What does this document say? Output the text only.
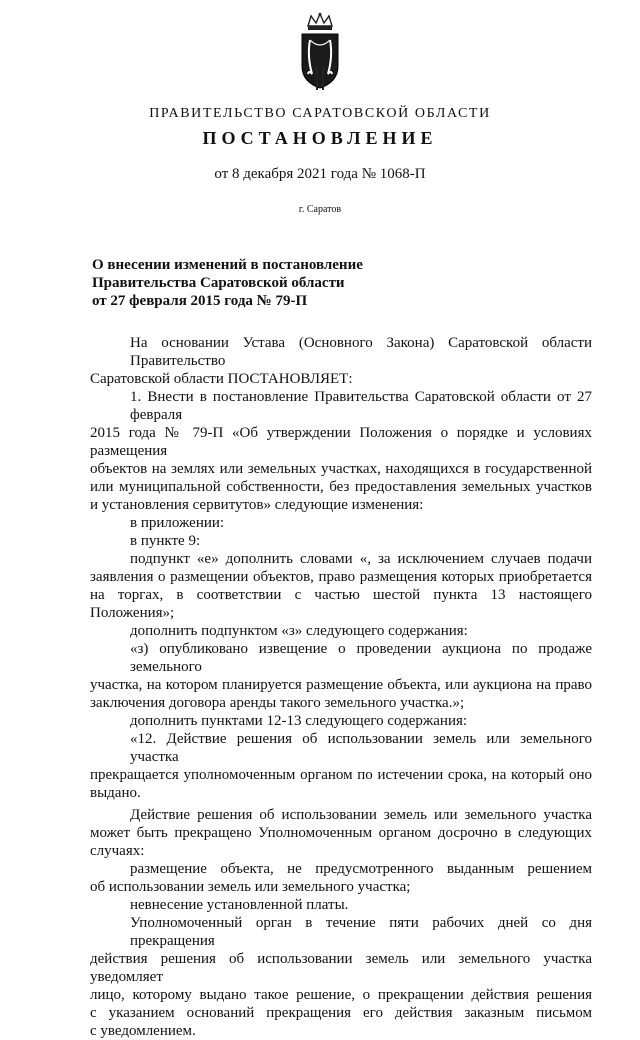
ПРАВИТЕЛЬСТВО САРАТОВСКОЙ ОБЛАСТИ
ПОСТАНОВЛЕНИЕ
от 8 декабря 2021 года № 1068-П
г. Саратов
О внесении изменений в постановление
Правительства Саратовской области
от 27 февраля 2015 года № 79-П
На основании Устава (Основного Закона) Саратовской области Правительство
Саратовской области ПОСТАНОВЛЯЕТ:
1. Внести в постановление Правительства Саратовской области от 27 февраля
2015 года № 79-П «Об утверждении Положения о порядке и условиях размещения
объектов на землях или земельных участках, находящихся в государственной
или муниципальной собственности, без предоставления земельных участков
и установления сервитутов» следующие изменения:
в приложении:
в пункте 9:
подпункт «е» дополнить словами «, за исключением случаев подачи
заявления о размещении объектов, право размещения которых приобретается
на торгах, в соответствии с частью шестой пункта 13 настоящего Положения»;
дополнить подпунктом «з» следующего содержания:
«з) опубликовано извещение о проведении аукциона по продаже земельного
участка, на котором планируется размещение объекта, или аукциона на право
заключения договора аренды такого земельного участка.»;
дополнить пунктами 12-13 следующего содержания:
«12. Действие решения об использовании земель или земельного участка
прекращается уполномоченным органом по истечении срока, на который оно
выдано.
Действие решения об использовании земель или земельного участка
может быть прекращено Уполномоченным органом досрочно в следующих
случаях:
размещение объекта, не предусмотренного выданным решением
об использовании земель или земельного участка;
невнесение установленной платы.
Уполномоченный орган в течение пяти рабочих дней со дня прекращения
действия решения об использовании земель или земельного участка уведомляет
лицо, которому выдано такое решение, о прекращении действия решения
с указанием оснований прекращения его действия заказным письмом
с уведомлением.
